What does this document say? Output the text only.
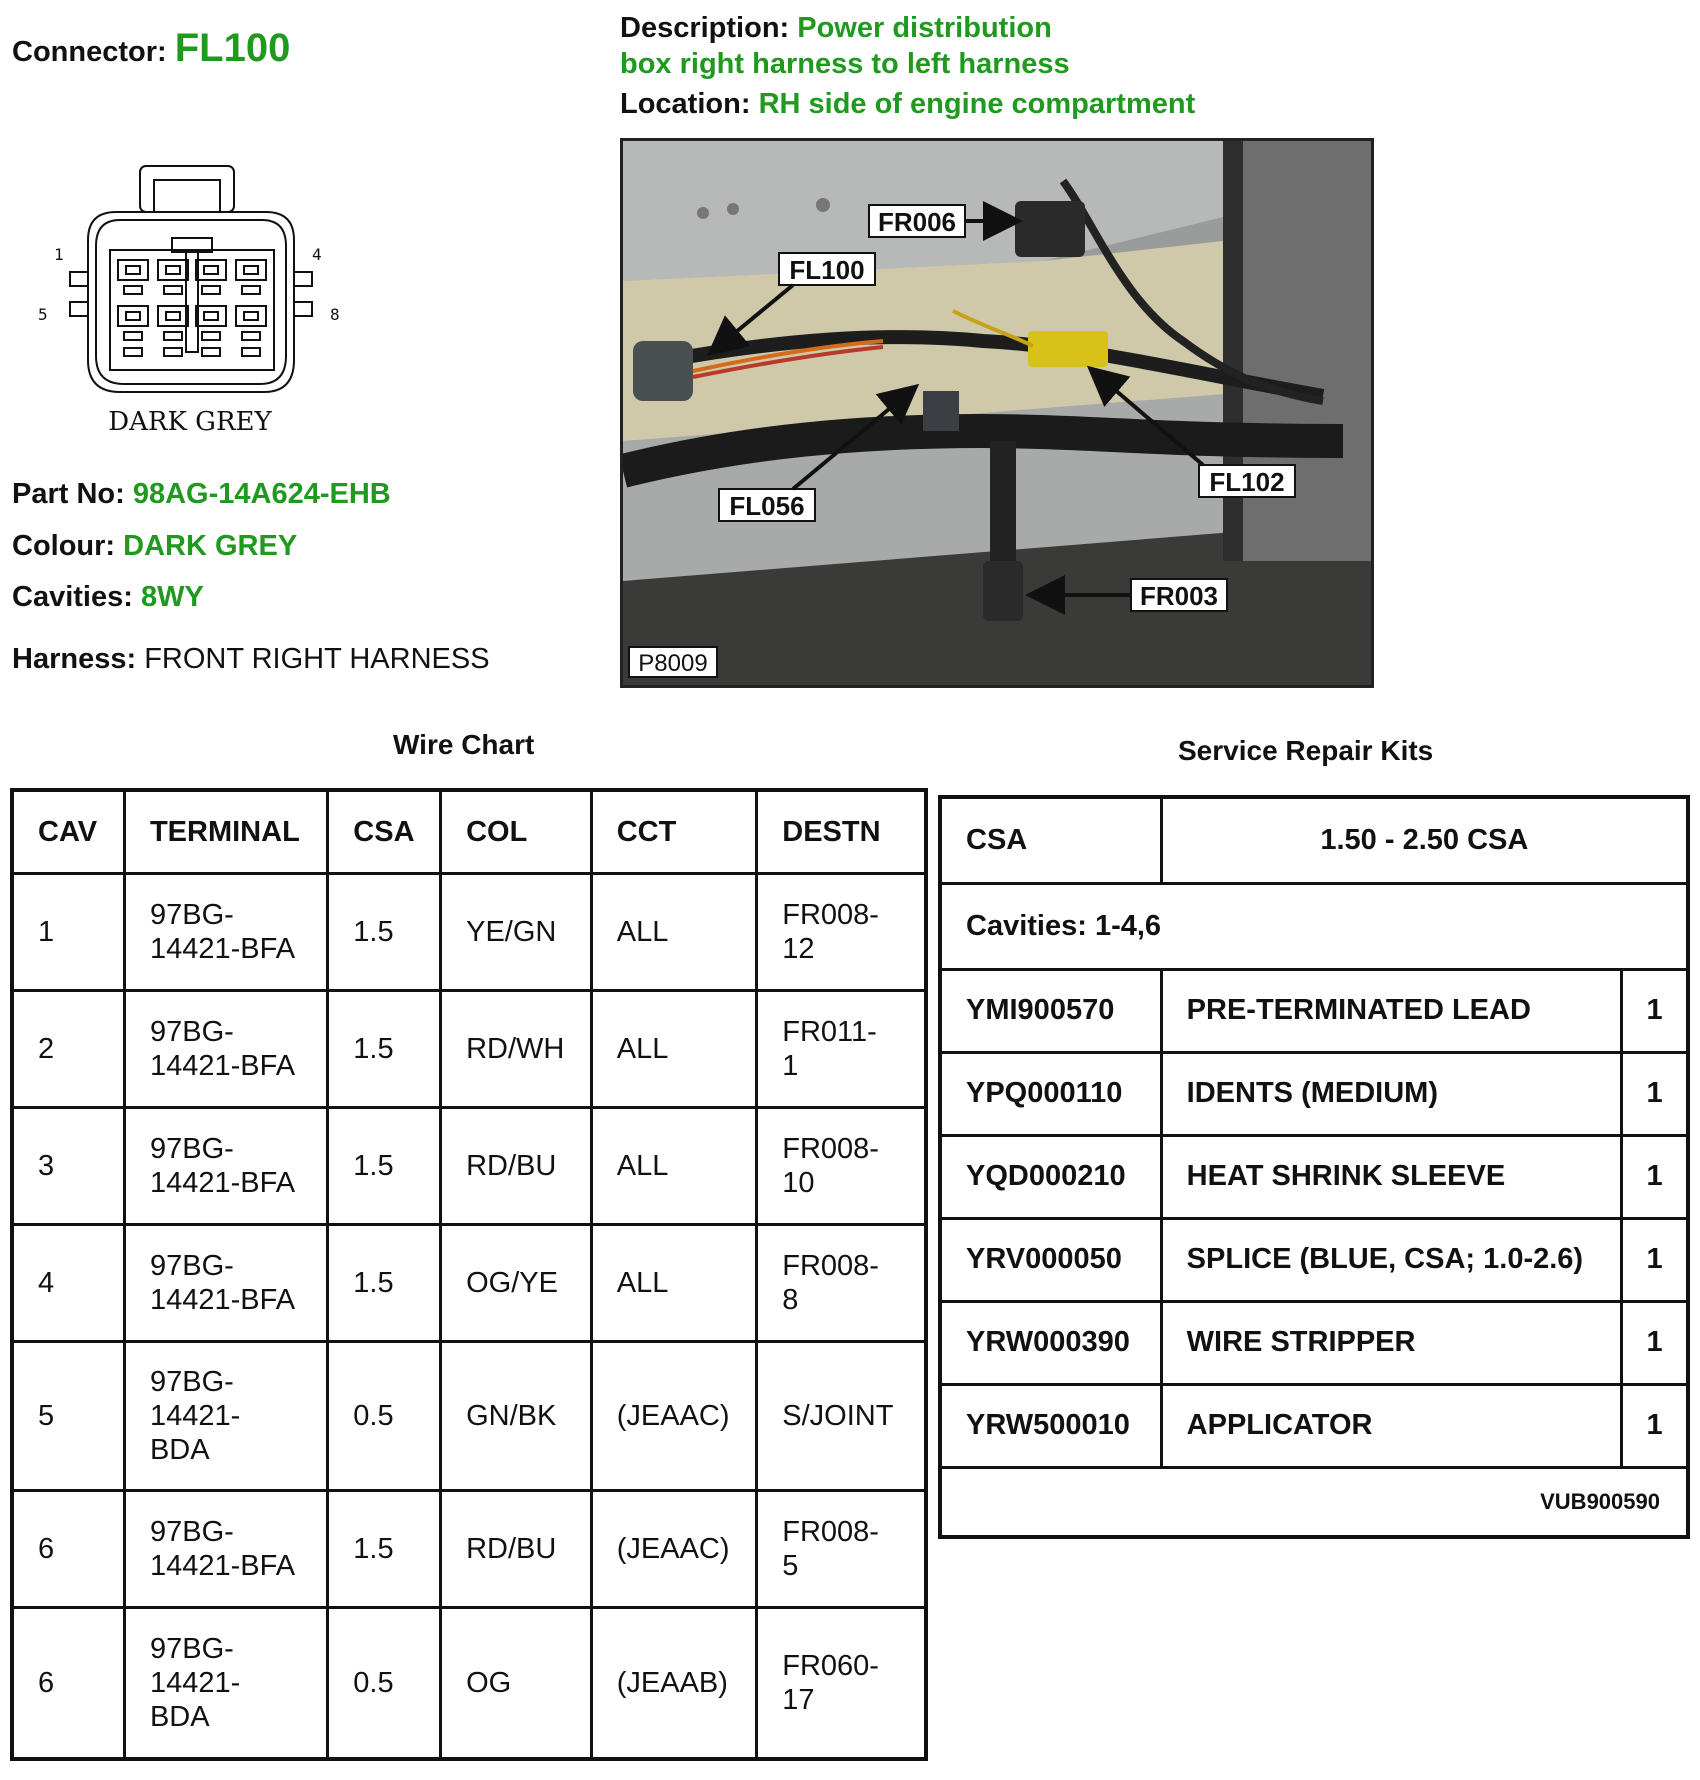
Connector: FL100	Description: Power distribution
box right harness to left harness
Location: RH side of engine compartment
1	4
5	8
DARK GREY
Part No: 98AG-14A624-EHB
Colour: DARK GREY
Cavities: 8WY
Harness: FRONT RIGHT HARNESS
FR006
FL100
FL102
FL056
FR003
P8009
Wire Chart
CAV	TERMINAL	CSA	COL	CCT	DESTN
1	97BG-
14421-BFA	1.5	YE/GN	ALL	FR008-
12
2	97BG-
14421-BFA	1.5	RD/WH	ALL	FR011-
1
3	97BG-
14421-BFA	1.5	RD/BU	ALL	FR008-
10
4	97BG-
14421-BFA	1.5	OG/YE	ALL	FR008-
8
5	97BG-
14421-
BDA	0.5	GN/BK	(JEAAC)	S/JOINT
6	97BG-
14421-BFA	1.5	RD/BU	(JEAAC)	FR008-
5
6	97BG-
14421-
BDA	0.5	OG	(JEAAB)	FR060-
17
Service Repair Kits
CSA	1.50 - 2.50 CSA	
Cavities: 1-4,6		
YMI900570	PRE-TERMINATED LEAD	1
YPQ000110	IDENTS (MEDIUM)	1
YQD000210	HEAT SHRINK SLEEVE	1
YRV000050	SPLICE (BLUE, CSA; 1.0-2.6)	1
YRW000390	WIRE STRIPPER	1
YRW500010	APPLICATOR	1
VUB900590		
